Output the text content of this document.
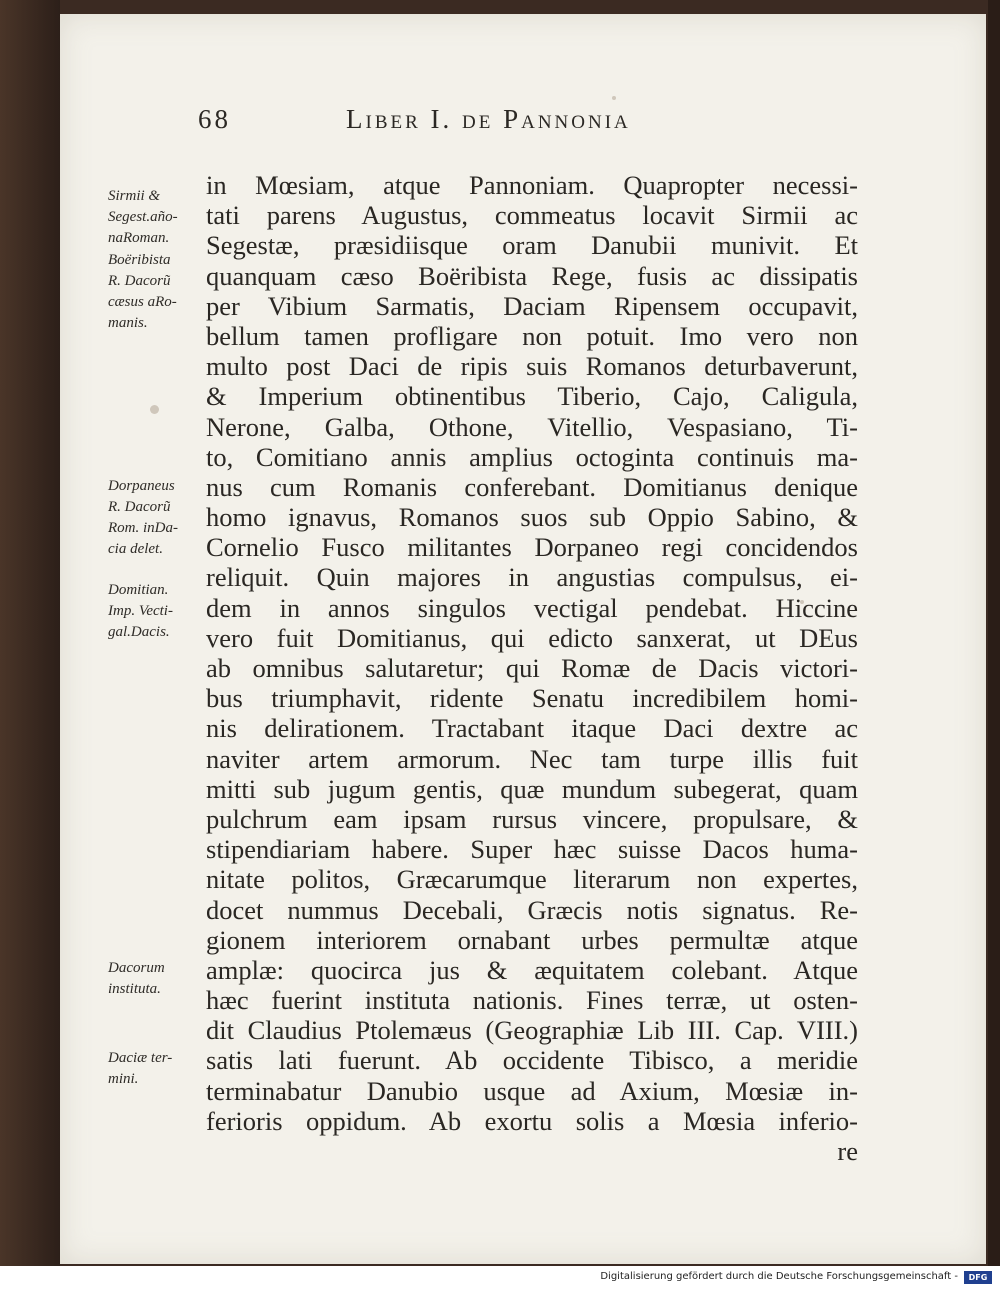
68	Liber I. de Pannonia
Sirmii &
Segest.año-
naRoman.
Boëribista
R. Dacorũ
cæsus aRo-
manis.
Dorpaneus
R. Dacorũ
Rom. inDa-
cia delet.
Domitian.
Imp. Vecti-
gal.Dacis.
Dacorum
instituta.
Daciæ ter-
mini.
in Mœsiam, atque Pannoniam. Quapropter necessi-
tati parens Augustus, commeatus locavit Sirmii ac
Segestæ, præsidiisque oram Danubii munivit. Et
quanquam cæso Boëribista Rege, fusis ac dissipatis
per Vibium Sarmatis, Daciam Ripensem occupavit,
bellum tamen profligare non potuit. Imo vero non
multo post Daci de ripis suis Romanos deturbaverunt,
& Imperium obtinentibus Tiberio, Cajo, Caligula,
Nerone, Galba, Othone, Vitellio, Vespasiano, Ti-
to, Comitiano annis amplius octoginta continuis ma-
nus cum Romanis conferebant. Domitianus denique
homo ignavus, Romanos suos sub Oppio Sabino, &
Cornelio Fusco militantes Dorpaneo regi concidendos
reliquit. Quin majores in angustias compulsus, ei-
dem in annos singulos vectigal pendebat. Hiccine
vero fuit Domitianus, qui edicto sanxerat, ut DEus
ab omnibus salutaretur; qui Romæ de Dacis victori-
bus triumphavit, ridente Senatu incredibilem homi-
nis delirationem. Tractabant itaque Daci dextre ac
naviter artem armorum. Nec tam turpe illis fuit
mitti sub jugum gentis, quæ mundum subegerat, quam
pulchrum eam ipsam rursus vincere, propulsare, &
stipendiariam habere. Super hæc suisse Dacos huma-
nitate politos, Græcarumque literarum non expertes,
docet nummus Decebali, Græcis notis signatus. Re-
gionem interiorem ornabant urbes permultæ atque
amplæ: quocirca jus & æquitatem colebant. Atque
hæc fuerint instituta nationis. Fines terræ, ut osten-
dit Claudius Ptolemæus (Geographiæ Lib III. Cap. VIII.)
satis lati fuerunt. Ab occidente Tibisco, a meridie
terminabatur Danubio usque ad Axium, Mœsiæ in-
ferioris oppidum. Ab exortu solis a Mœsia inferio-
re
Digitalisierung gefördert durch die Deutsche Forschungsgemeinschaft -	DFG
